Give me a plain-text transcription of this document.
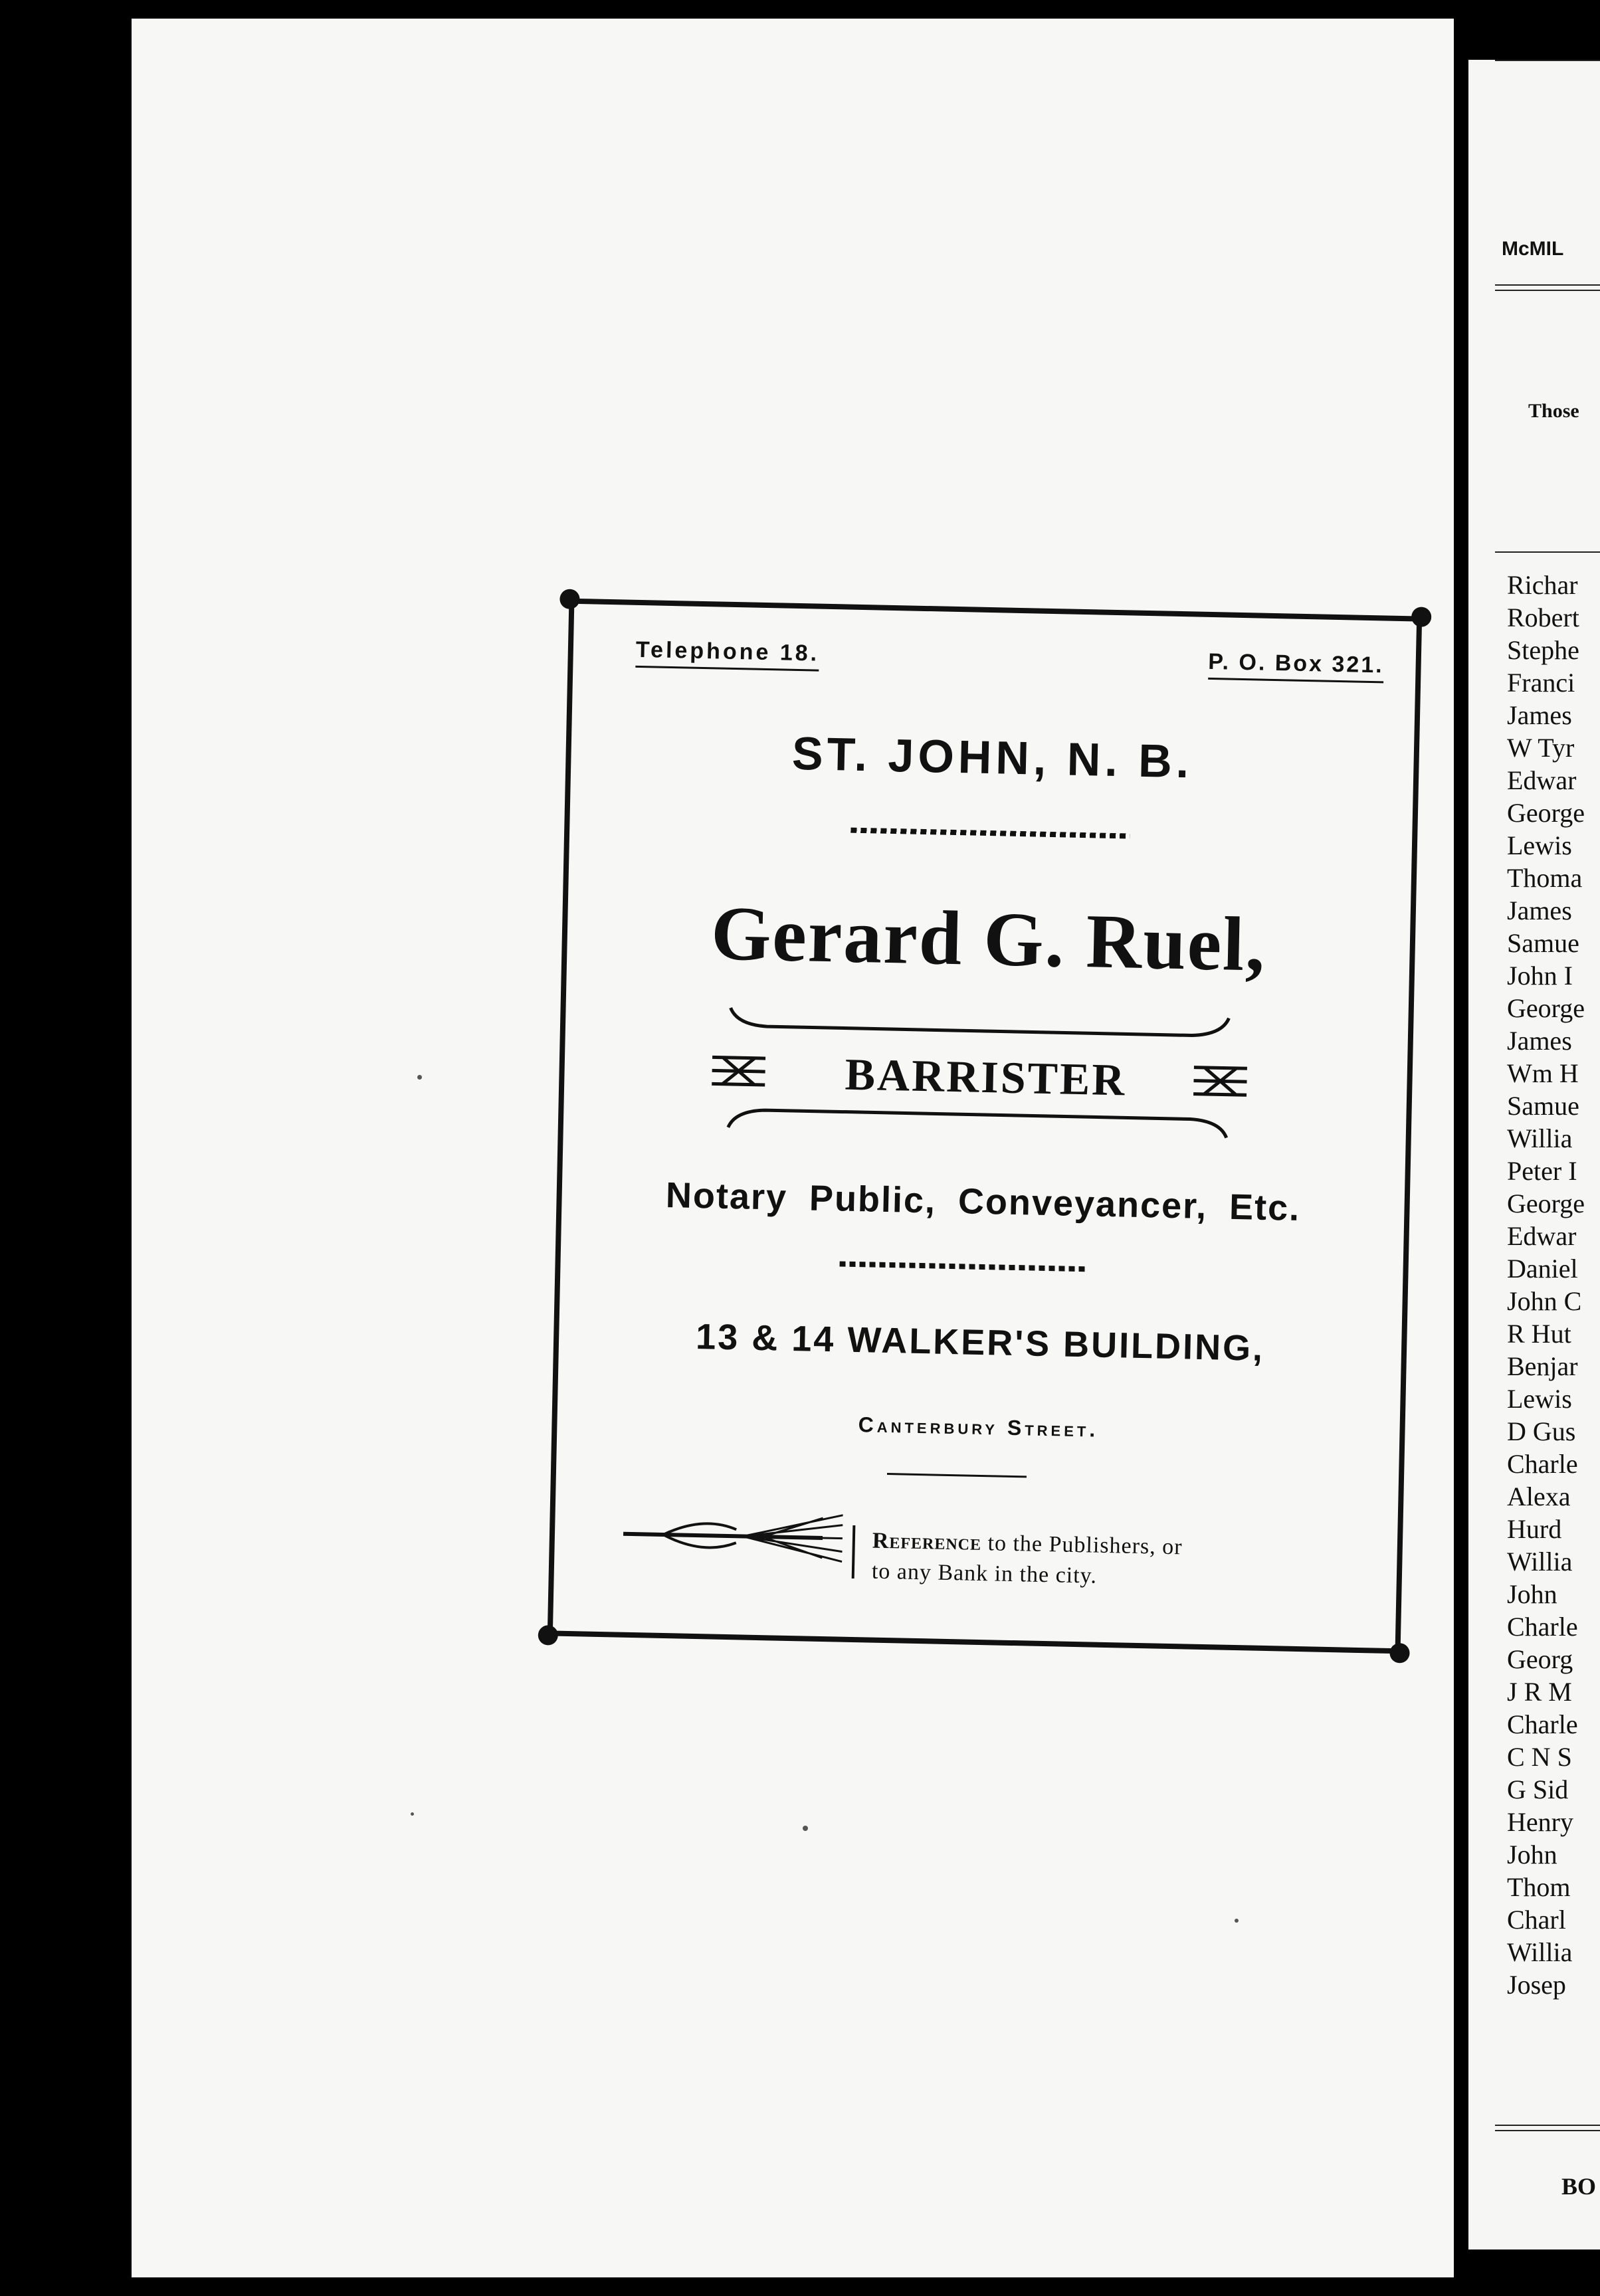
Telephone 18.	P. O. Box 321.
ST. JOHN, N. B.
Gerard G. Ruel,
BARRISTER
Notary Public, Conveyancer, Etc.
13 & 14 WALKER'S BUILDING,
Canterbury Street.
Reference to the Publishers, or
to any Bank in the city.
McMIL
Those
Richar
Robert
Stephe
Franci
James
W Tyr
Edwar
George
Lewis
Thoma
James
Samue
John I
George
James
Wm H
Samue
Willia
Peter I
George
Edwar
Daniel
John C
R Hut
Benjar
Lewis
D Gus
Charle
Alexa
Hurd
Willia
John
Charle
Georg
J R M
Charle
C N S
G Sid
Henry
John
Thom
Charl
Willia
Josep
BO
